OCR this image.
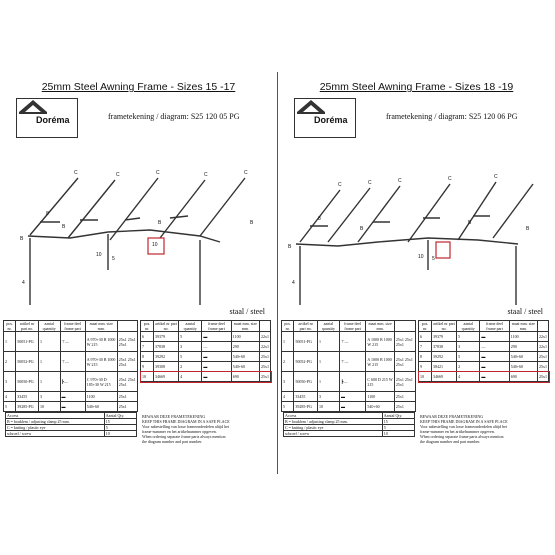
25mm Steel Awning Frame - Sizes 15 -17
Doréma	frametekening / diagram: S25 120 05 PG
C	C	C	C	C
B
8
B
B	B
10
10
4
5
staal / steel
pos. nr.	artikel nr part no.	aantal quantity	frame deel frame part	maat mm. size mm.	
1	50051-PG	1	⊤—	A 970+30 B 1000 W 215	25x1 25x1 25x1
2	50052-PG	1	⊤—	A 970+30 B 1000 W 215	25x1 25x1 25x1
3	50050-PG	1	┣—	C 970+30 D 185+30 W 215	25x1 25x1 25x1
4	33455	3	▬	1100	25x1
5	39285-PG	10	▬	540+60	25x1
pos. nr.	artikel nr part no.	aantal quantity	frame deel frame part	maat mm. size mm.	
6	39379	5	▬	1100	22x1
7	37838	3	—	290	22x1
8	39292	5	▬	540+60	25x1
9	39308	2	▬	540+60	25x1
10	34669	4	▬	690	25x1
Access	Aantal Qty.
B = bouklem / adjusting clamp 25 mm.	15
C = kniting / plastic eye	5
schroef / screw	10
BEWAAR DEZE FRAMETEKENING
KEEP THIS FRAME DIAGRAM IN A SAFE PLACE
Voor nabestelling van losse frameonderdelen altijd het
frame-nummer en het artikelnummer opgeven.
When ordering separate frame parts always mention
the diagram number and part number.
25mm Steel Awning Frame - Sizes 18 -19
Doréma	frametekening / diagram: S25 120 06 PG
C	C	C	C	C
B
8
B
B
B
10 5
4
staal / steel
pos. nr.	artikel nr part no.	aantal quantity	frame deel frame part	maat mm. size mm.	
1	50051-PG	1	⊤—	A 1000 B 1000 W 215	25x1 25x1 25x1
2	50052-PG	1	⊤—	A 1000 B 1000 W 215	25x1 25x1 25x1
3	50050-PG	1	┣—	C 600 D 215 W 215	25x1 25x1 25x1
4	33455	3	▬	1100	25x1
5	39285-PG	10	▬	540+60	25x1
pos. nr.	artikel nr part no.	aantal quantity	frame deel frame part	maat mm. size mm.	
6	39379	5	▬	1100	22x1
7	37838	3	—	290	22x1
8	39292	5	▬	540+60	25x1
9	38421	2	▬	540+60	25x1
10	34669	4	▬	690	25x1
Access	Aantal Qty.
B = bouklem / adjusting clamp 25 mm.	15
C = kniting / plastic eye	5
schroef / screw	10
BEWAAR DEZE FRAMETEKENING
KEEP THIS FRAME DIAGRAM IN A SAFE PLACE
Voor nabestelling van losse frameonderdelen altijd het
frame-nummer en het artikelnummer opgeven.
When ordering separate frame parts always mention
the diagram number and part number.
